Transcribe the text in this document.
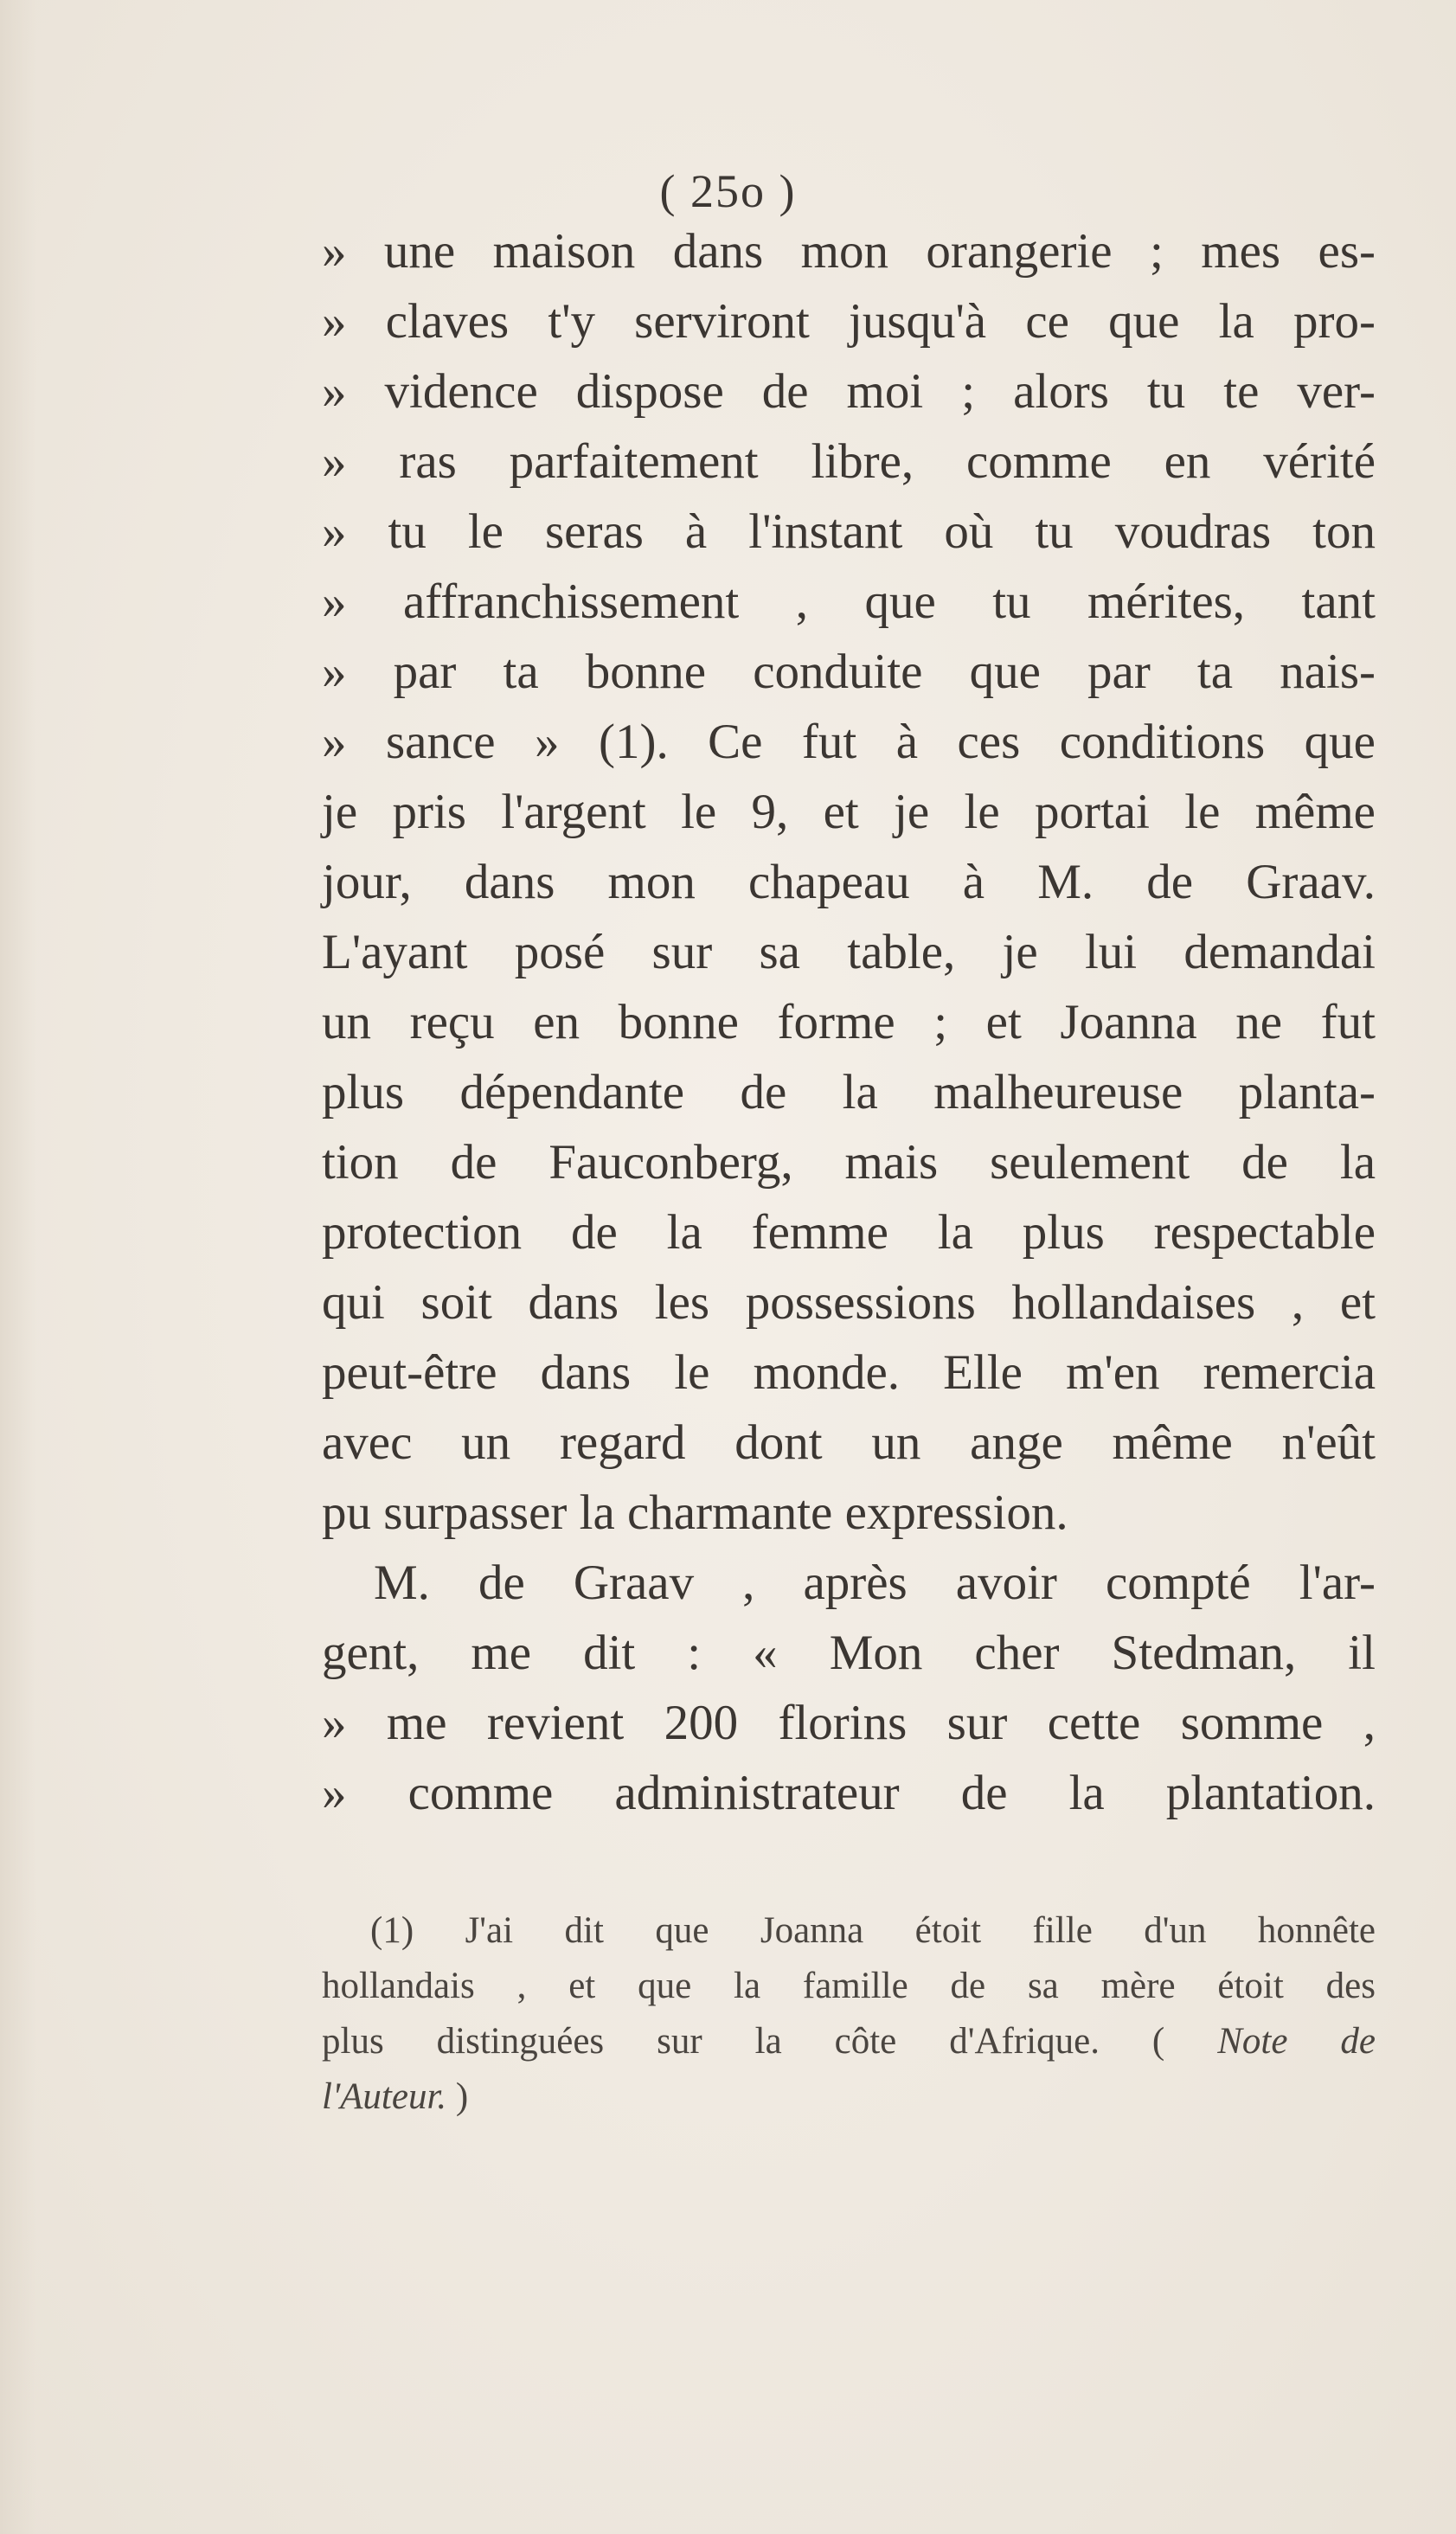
( 25o )
» une maison dans mon orangerie ; mes es-
» claves t'y serviront jusqu'à ce que la pro-
» vidence dispose de moi ; alors tu te ver-
» ras parfaitement libre, comme en vérité
» tu le seras à l'instant où tu voudras ton
» affranchissement , que tu mérites, tant
» par ta bonne conduite que par ta nais-
» sance » (1). Ce fut à ces conditions que
je pris l'argent le 9, et je le portai le même
jour, dans mon chapeau à M. de Graav.
L'ayant posé sur sa table, je lui demandai
un reçu en bonne forme ; et Joanna ne fut
plus dépendante de la malheureuse planta-
tion de Fauconberg, mais seulement de la
protection de la femme la plus respectable
qui soit dans les possessions hollandaises , et
peut-être dans le monde. Elle m'en remercia
avec un regard dont un ange même n'eût
pu surpasser la charmante expression.
M. de Graav , après avoir compté l'ar-
gent, me dit : « Mon cher Stedman, il
» me revient 200 florins sur cette somme ,
» comme administrateur de la plantation.
(1) J'ai dit que Joanna étoit fille d'un honnête
hollandais , et que la famille de sa mère étoit des
plus distinguées sur la côte d'Afrique. ( Note de
l'Auteur. )
